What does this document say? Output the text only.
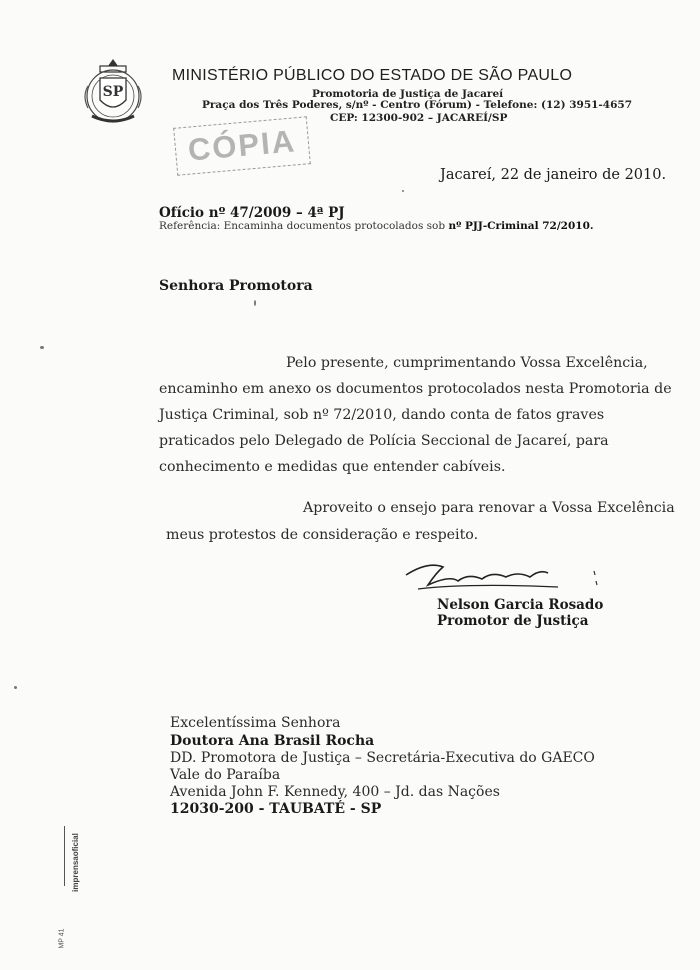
SP
MINISTÉRIO PÚBLICO DO ESTADO DE SÃO PAULO
Promotoria de Justiça de Jacareí
Praça dos Três Poderes, s/nº - Centro (Fórum) - Telefone: (12) 3951-4657
CEP: 12300-902 – JACAREÍ/SP
CÓPIA
Jacareí, 22 de janeiro de 2010.
Ofício nº 47/2009 – 4ª PJ
Referência: Encaminha documentos protocolados sob nº PJJ-Criminal 72/2010.
Senhora Promotora
Pelo presente, cumprimentando Vossa Excelência,
encaminho em anexo os documentos protocolados nesta Promotoria de
Justiça Criminal, sob nº 72/2010, dando conta de fatos graves
praticados pelo Delegado de Polícia Seccional de Jacareí, para
conhecimento e medidas que entender cabíveis.
Aproveito o ensejo para renovar a Vossa Excelência
meus protestos de consideração e respeito.
Nelson Garcia Rosado
Promotor de Justiça
Excelentíssima Senhora
Doutora Ana Brasil Rocha
DD. Promotora de Justiça – Secretária-Executiva do GAECO
Vale do Paraíba
Avenida John F. Kennedy, 400 – Jd. das Nações
12030-200 - TAUBATÉ - SP
imprensaoficial
MP 41
